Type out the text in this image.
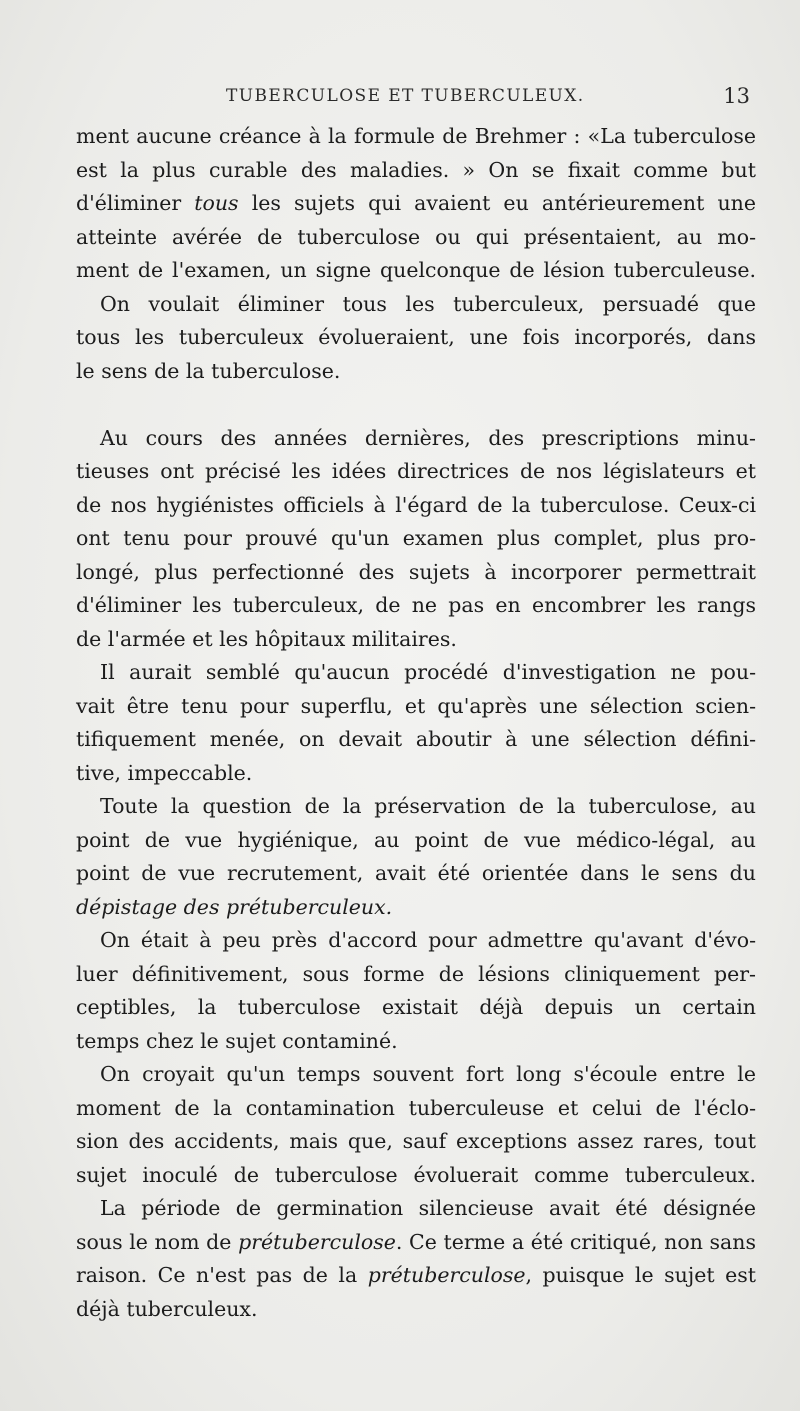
TUBERCULOSE ET TUBERCULEUX.	13
ment aucune créance à la formule de Brehmer : «La tuberculose
est la plus curable des maladies. » On se fixait comme but
d'éliminer tous les sujets qui avaient eu antérieurement une
atteinte avérée de tuberculose ou qui présentaient, au mo-
ment de l'examen, un signe quelconque de lésion tuberculeuse.
On voulait éliminer tous les tuberculeux, persuadé que
tous les tuberculeux évolueraient, une fois incorporés, dans
le sens de la tuberculose.
Au cours des années dernières, des prescriptions minu-
tieuses ont précisé les idées directrices de nos législateurs et
de nos hygiénistes officiels à l'égard de la tuberculose. Ceux-ci
ont tenu pour prouvé qu'un examen plus complet, plus pro-
longé, plus perfectionné des sujets à incorporer permettrait
d'éliminer les tuberculeux, de ne pas en encombrer les rangs
de l'armée et les hôpitaux militaires.
Il aurait semblé qu'aucun procédé d'investigation ne pou-
vait être tenu pour superflu, et qu'après une sélection scien-
tifiquement menée, on devait aboutir à une sélection défini-
tive, impeccable.
Toute la question de la préservation de la tuberculose, au
point de vue hygiénique, au point de vue médico-légal, au
point de vue recrutement, avait été orientée dans le sens du
dépistage des prétuberculeux.
On était à peu près d'accord pour admettre qu'avant d'évo-
luer définitivement, sous forme de lésions cliniquement per-
ceptibles, la tuberculose existait déjà depuis un certain
temps chez le sujet contaminé.
On croyait qu'un temps souvent fort long s'écoule entre le
moment de la contamination tuberculeuse et celui de l'éclo-
sion des accidents, mais que, sauf exceptions assez rares, tout
sujet inoculé de tuberculose évoluerait comme tuberculeux.
La période de germination silencieuse avait été désignée
sous le nom de prétuberculose. Ce terme a été critiqué, non sans
raison. Ce n'est pas de la prétuberculose, puisque le sujet est
déjà tuberculeux.
